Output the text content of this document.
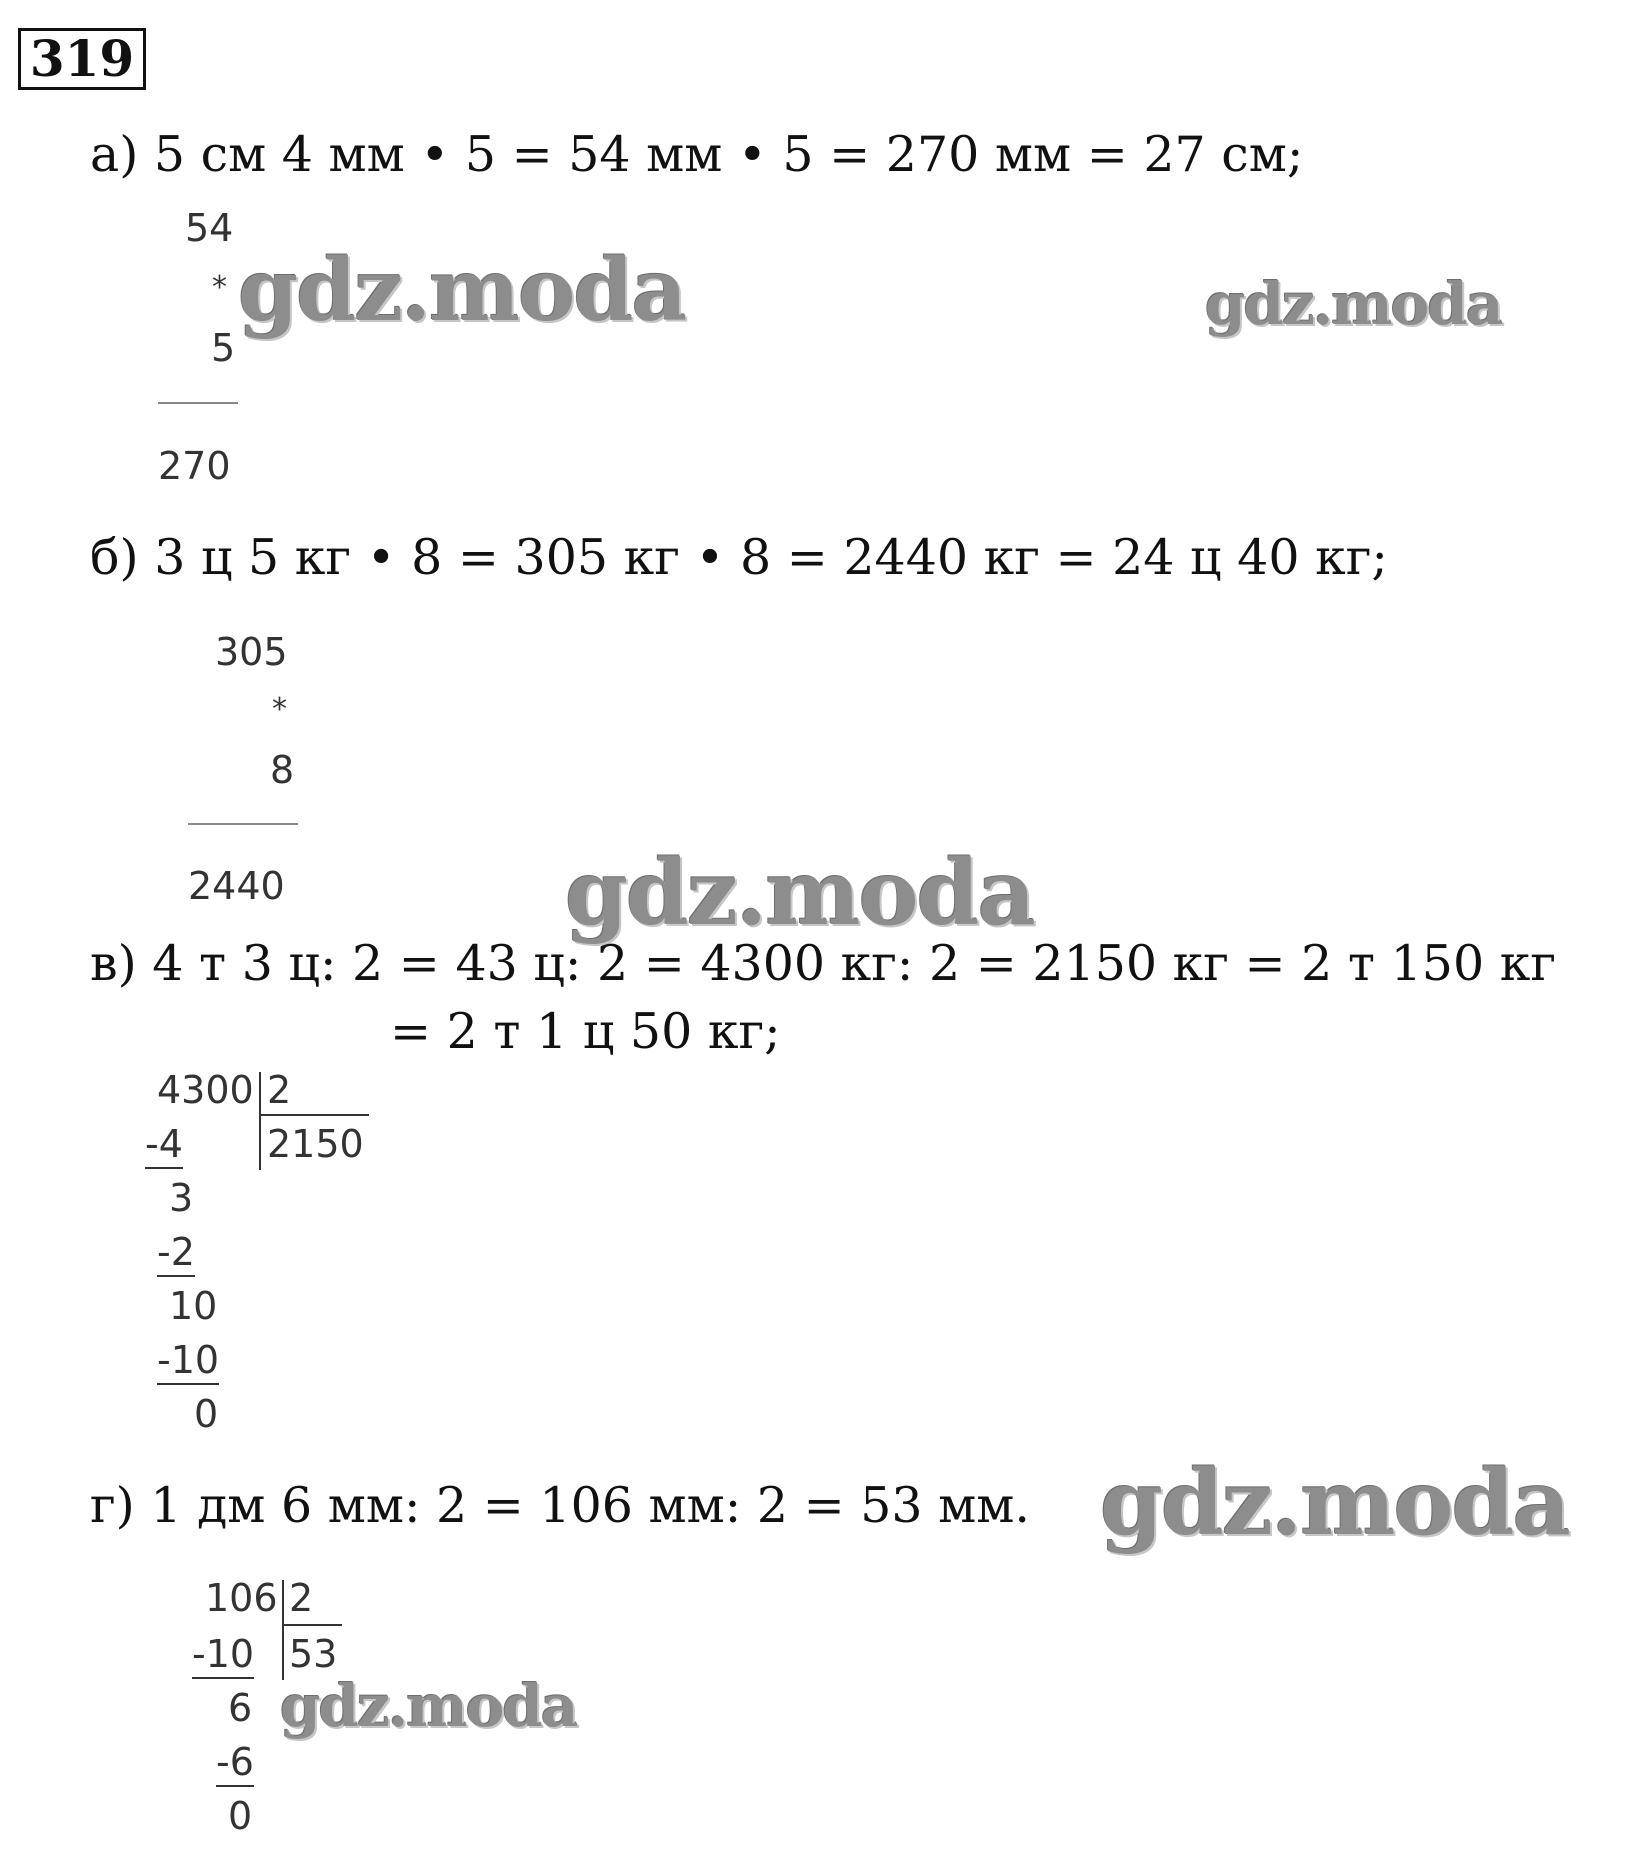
319
а) 5 см 4 мм • 5 = 54 мм • 5 = 270 мм = 27 см;
54
*
5
270
б) 3 ц 5 кг • 8 = 305 кг • 8 = 2440 кг = 24 ц 40 кг;
305
*
8
2440
в) 4 т 3 ц: 2 = 43 ц: 2 = 4300 кг: 2 = 2150 кг = 2 т 150 кг
= 2 т 1 ц 50 кг;
4300 2
2150
-4
3
-2
10
-10
0
г) 1 дм 6 мм: 2 = 106 мм: 2 = 53 мм.
106 2
53
-10
6
-6
0
gdz.moda	gdz.moda
gdz.moda
gdz.moda
gdz.moda
